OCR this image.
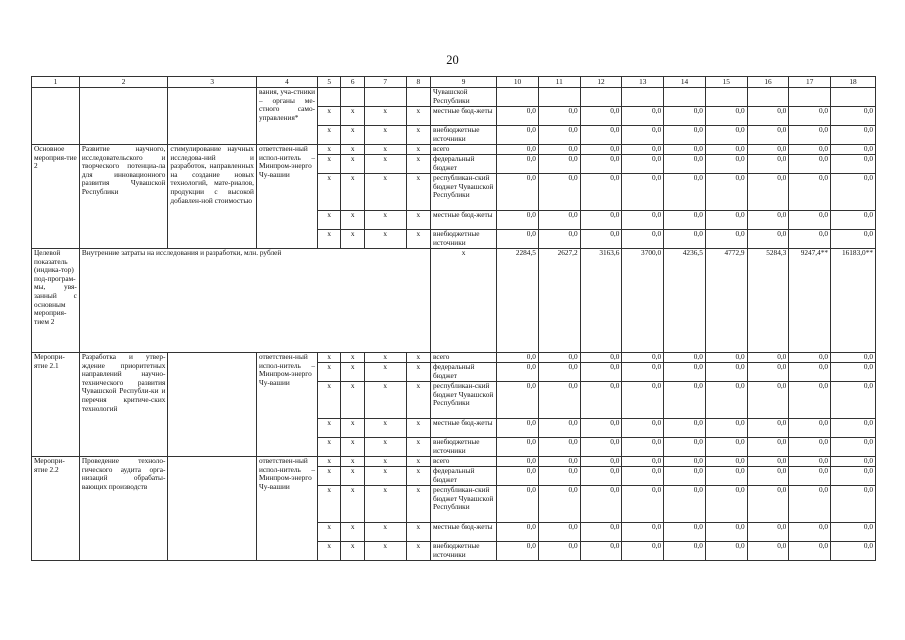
20
1	2	3	4	5	6	7	8	9	10	11	12	13	14	15	16	17	18
			вания, уча-стники – органы ме-стного само-управления*					Чувашской Республики									
				x	x	x	x	местные бюд-жеты	0,0	0,0	0,0	0,0	0,0	0,0	0,0	0,0	0,0
				x	x	x	x	внебюджетные источники	0,0	0,0	0,0	0,0	0,0	0,0	0,0	0,0	0,0
Основное мероприя-тие 2	Развитие научного, исследовательского и творческого потенциа-ла для инновационного развития Чувашской Республики	стимулирование научных исследова-ний и разработок, направленных на создание новых технологий, мате-риалов, продукции с высокой добавлен-ной стоимостью	ответствен-ный испол-нитель – Минпром-энерго Чу-вашии	x	x	x	x	всего	0,0	0,0	0,0	0,0	0,0	0,0	0,0	0,0	0,0
				x	x	x	x	федеральный бюджет	0,0	0,0	0,0	0,0	0,0	0,0	0,0	0,0	0,0
				x	x	x	x	республикан-ский бюджет Чувашской Республики	0,0	0,0	0,0	0,0	0,0	0,0	0,0	0,0	0,0
				x	x	x	x	местные бюд-жеты	0,0	0,0	0,0	0,0	0,0	0,0	0,0	0,0	0,0
				x	x	x	x	внебюджетные источники	0,0	0,0	0,0	0,0	0,0	0,0	0,0	0,0	0,0
Целевой показатель (индика-тор) под-програм-мы, увя-занный с основным мероприя-тием 2	Внутренние затраты на исследования и разработки, млн. рублей							x	2284,5	2627,2	3163,6	3700,0	4236,5	4772,9	5284,3	9247,4**	16183,0**
Меропри-ятие 2.1	Разработка и утвер-ждение приоритетных направлений научно-технического развития Чувашской Республи-ки и перечня критиче-ских технологий		ответствен-ный испол-нитель – Минпром-энерго Чу-вашии	x	x	x	x	всего	0,0	0,0	0,0	0,0	0,0	0,0	0,0	0,0	0,0
				x	x	x	x	федеральный бюджет	0,0	0,0	0,0	0,0	0,0	0,0	0,0	0,0	0,0
				x	x	x	x	республикан-ский бюджет Чувашской Республики	0,0	0,0	0,0	0,0	0,0	0,0	0,0	0,0	0,0
				x	x	x	x	местные бюд-жеты	0,0	0,0	0,0	0,0	0,0	0,0	0,0	0,0	0,0
				x	x	x	x	внебюджетные источники	0,0	0,0	0,0	0,0	0,0	0,0	0,0	0,0	0,0
Меропри-ятие 2.2	Проведение техноло-гического аудита орга-низаций обрабаты-вающих производств		ответствен-ный испол-нитель – Минпром-энерго Чу-вашии	x	x	x	x	всего	0,0	0,0	0,0	0,0	0,0	0,0	0,0	0,0	0,0
				x	x	x	x	федеральный бюджет	0,0	0,0	0,0	0,0	0,0	0,0	0,0	0,0	0,0
				x	x	x	x	республикан-ский бюджет Чувашской Республики	0,0	0,0	0,0	0,0	0,0	0,0	0,0	0,0	0,0
				x	x	x	x	местные бюд-жеты	0,0	0,0	0,0	0,0	0,0	0,0	0,0	0,0	0,0
				x	x	x	x	внебюджетные источники	0,0	0,0	0,0	0,0	0,0	0,0	0,0	0,0	0,0
